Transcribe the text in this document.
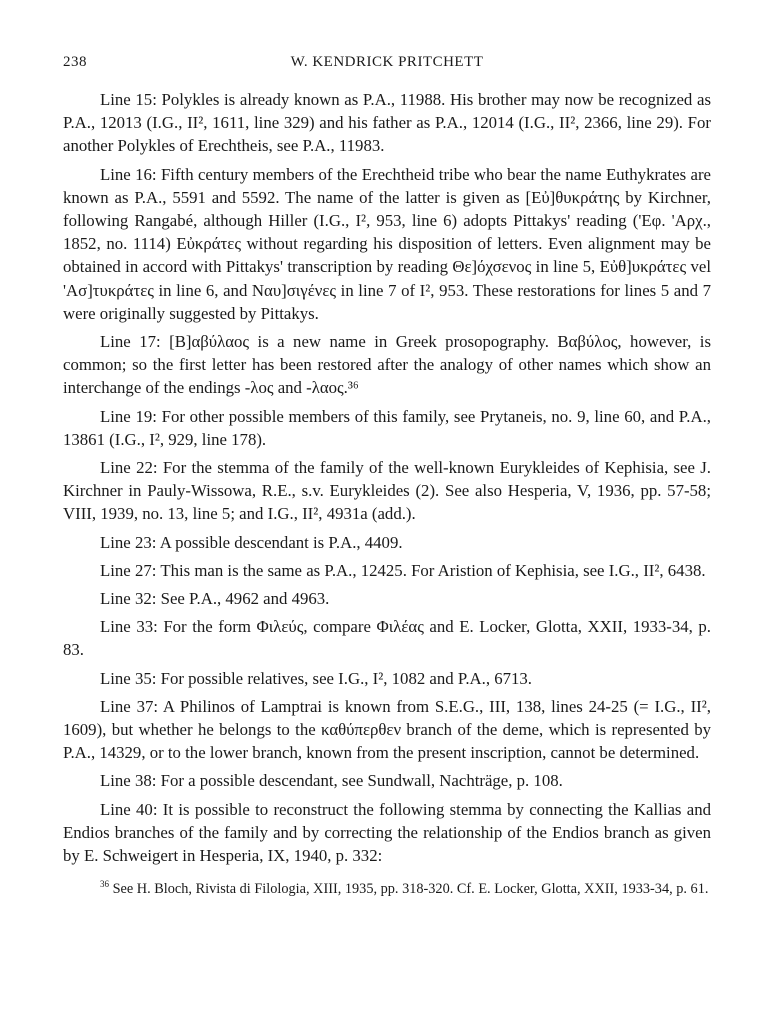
238	W. KENDRICK PRITCHETT

Line 15: Polykles is already known as P.A., 11988. His brother may now be recognized as P.A., 12013 (I.G., II², 1611, line 329) and his father as P.A., 12014 (I.G., II², 2366, line 29). For another Polykles of Erechtheis, see P.A., 11983.

Line 16: Fifth century members of the Erechtheid tribe who bear the name Euthykrates are known as P.A., 5591 and 5592. The name of the latter is given as [Εὐ]θυκράτης by Kirchner, following Rangabé, although Hiller (I.G., I², 953, line 6) adopts Pittakys' reading ('Εφ. 'Αρχ., 1852, no. 1114) Εὐκράτες without regarding his disposition of letters. Even alignment may be obtained in accord with Pittakys' transcription by reading Θε]όχσενος in line 5, Εὐθ]υκράτες vel 'Ασ]τυκράτες in line 6, and Ναυ]σιγένες in line 7 of I², 953. These restorations for lines 5 and 7 were originally suggested by Pittakys.

Line 17: [Β]αβύλαος is a new name in Greek prosopography. Βαβύλος, however, is common; so the first letter has been restored after the analogy of other names which show an interchange of the endings -λος and -λαος.³⁶

Line 19: For other possible members of this family, see Prytaneis, no. 9, line 60, and P.A., 13861 (I.G., I², 929, line 178).

Line 22: For the stemma of the family of the well-known Eurykleides of Kephisia, see J. Kirchner in Pauly-Wissowa, R.E., s.v. Eurykleides (2). See also Hesperia, V, 1936, pp. 57-58; VIII, 1939, no. 13, line 5; and I.G., II², 4931a (add.).

Line 23: A possible descendant is P.A., 4409.

Line 27: This man is the same as P.A., 12425. For Aristion of Kephisia, see I.G., II², 6438.

Line 32: See P.A., 4962 and 4963.

Line 33: For the form Φιλεύς, compare Φιλέας and E. Locker, Glotta, XXII, 1933-34, p. 83.

Line 35: For possible relatives, see I.G., I², 1082 and P.A., 6713.

Line 37: A Philinos of Lamptrai is known from S.E.G., III, 138, lines 24-25 (= I.G., II², 1609), but whether he belongs to the καθύπερθεν branch of the deme, which is represented by P.A., 14329, or to the lower branch, known from the present inscription, cannot be determined.

Line 38: For a possible descendant, see Sundwall, Nachträge, p. 108.

Line 40: It is possible to reconstruct the following stemma by connecting the Kallias and Endios branches of the family and by correcting the relationship of the Endios branch as given by E. Schweigert in Hesperia, IX, 1940, p. 332:

$^{36}$ See H. Bloch, Rivista di Filologia, XIII, 1935, pp. 318-320. Cf. E. Locker, Glotta, XXII, 1933-34, p. 61.
